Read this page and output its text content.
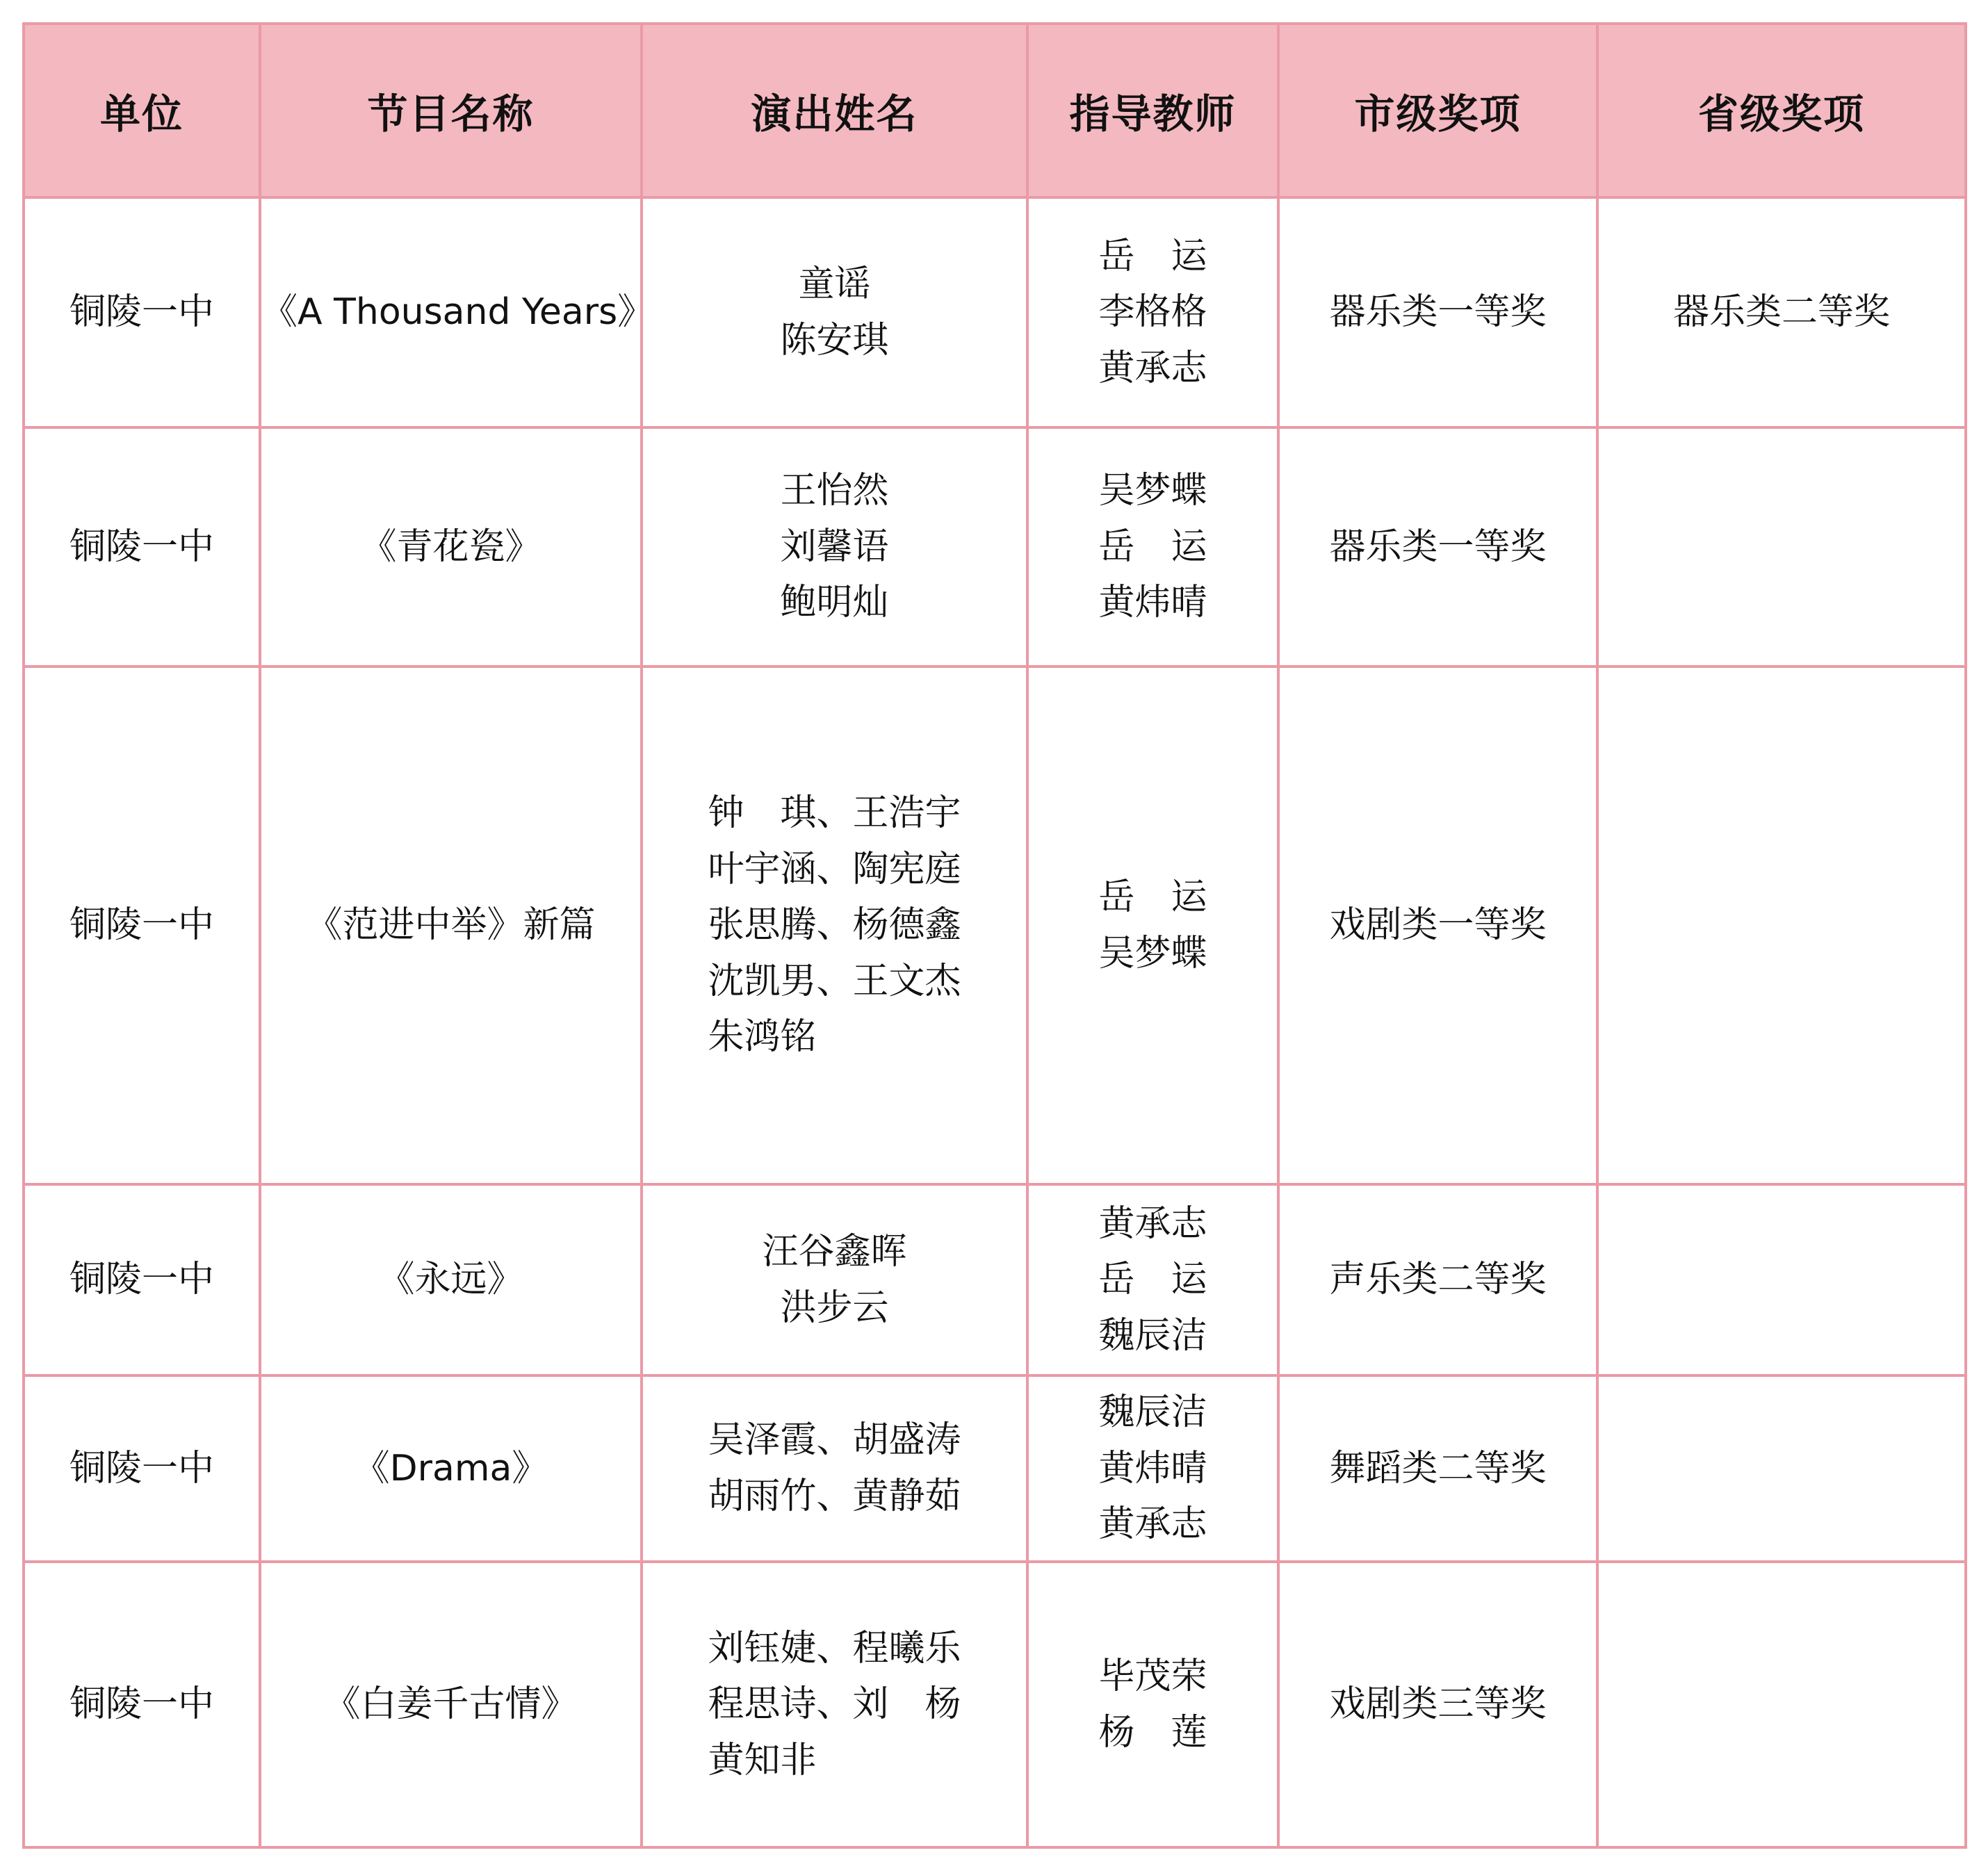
单位	节目名称	演出姓名	指导教师	市级奖项	省级奖项
铜陵一中	《A Thousand Years》	童谣
陈安琪	岳　运
李格格
黄承志	器乐类一等奖	器乐类二等奖
铜陵一中	《青花瓷》	王怡然
刘馨语
鲍明灿	吴梦蝶
岳　运
黄炜晴	器乐类一等奖	
铜陵一中	《范进中举》新篇	钟　琪、王浩宇
叶宇涵、陶宪庭
张思腾、杨德鑫
沈凯男、王文杰
朱鸿铭	岳　运
吴梦蝶	戏剧类一等奖	
铜陵一中	《永远》	汪谷鑫晖
洪步云	黄承志
岳　运
魏辰洁	声乐类二等奖	
铜陵一中	《Drama》	吴泽霞、胡盛涛
胡雨竹、黄静茹	魏辰洁
黄炜晴
黄承志	舞蹈类二等奖	
铜陵一中	《白姜千古情》	刘钰婕、程曦乐
程思诗、刘　杨
黄知非	毕茂荣
杨　莲	戏剧类三等奖	
